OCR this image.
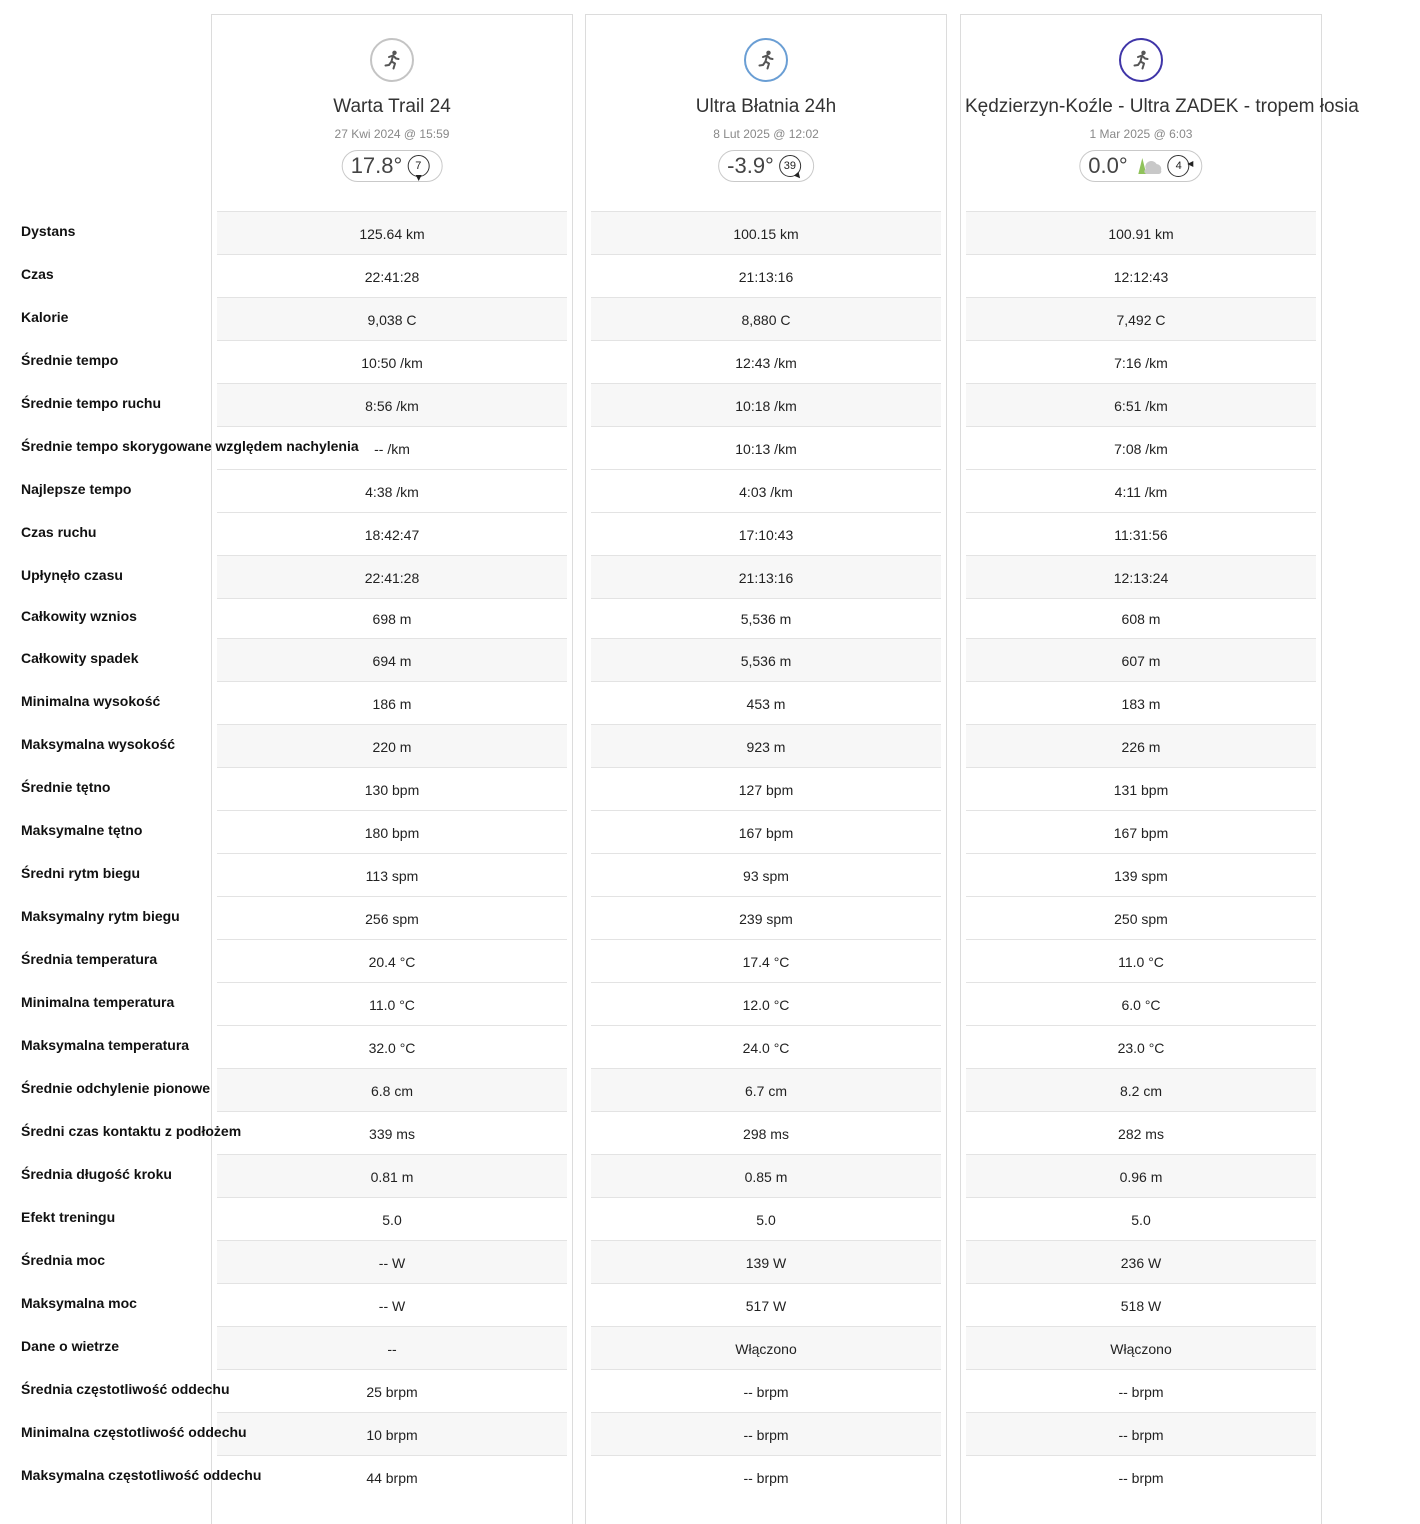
Warta Trail 24
27 Kwi 2024 @ 15:59
17.8°	7
125.64 km
22:41:28
9,038 C
10:50 /km
8:56 /km
-- /km
4:38 /km
18:42:47
22:41:28
698 m
694 m
186 m
220 m
130 bpm
180 bpm
113 spm
256 spm
20.4 °C
11.0 °C
32.0 °C
6.8 cm
339 ms
0.81 m
5.0
-- W
-- W
--
25 brpm
10 brpm
44 brpm
Ultra Błatnia 24h
8 Lut 2025 @ 12:02
-3.9° 39
100.15 km
21:13:16
8,880 C
12:43 /km
10:18 /km
10:13 /km
4:03 /km
17:10:43
21:13:16
5,536 m
5,536 m
453 m
923 m
127 bpm
167 bpm
93 spm
239 spm
17.4 °C
12.0 °C
24.0 °C
6.7 cm
298 ms
0.85 m
5.0
139 W
517 W
Włączono
-- brpm
-- brpm
-- brpm
Kędzierzyn-Koźle - Ultra ZADEK - tropem łosia
1 Mar 2025 @ 6:03
0.0°	4
100.91 km
12:12:43
7,492 C
7:16 /km
6:51 /km
7:08 /km
4:11 /km
11:31:56
12:13:24
608 m
607 m
183 m
226 m
131 bpm
167 bpm
139 spm
250 spm
11.0 °C
6.0 °C
23.0 °C
8.2 cm
282 ms
0.96 m
5.0
236 W
518 W
Włączono
-- brpm
-- brpm
-- brpm
Dystans
Czas
Kalorie
Średnie tempo
Średnie tempo ruchu
Średnie tempo skorygowane względem nachylenia
Najlepsze tempo
Czas ruchu
Upłynęło czasu
Całkowity wznios
Całkowity spadek
Minimalna wysokość
Maksymalna wysokość
Średnie tętno
Maksymalne tętno
Średni rytm biegu
Maksymalny rytm biegu
Średnia temperatura
Minimalna temperatura
Maksymalna temperatura
Średnie odchylenie pionowe
Średni czas kontaktu z podłożem
Średnia długość kroku
Efekt treningu
Średnia moc
Maksymalna moc
Dane o wietrze
Średnia częstotliwość oddechu
Minimalna częstotliwość oddechu
Maksymalna częstotliwość oddechu
